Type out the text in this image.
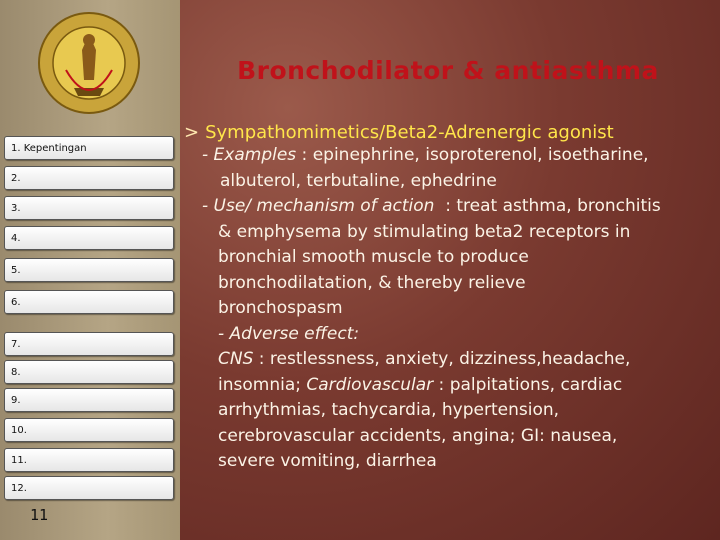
Bronchodilator & antiasthma
1. Kepentingan
2.
3.
4.
5.
6.
7.
8.
9.
10.
11.
12.
11
> Sympathomimetics/Beta2-Adrenergic agonist
- Examples : epinephrine, isoproterenol, isoetharine,
albuterol, terbutaline, ephedrine
- Use/ mechanism of action  : treat asthma, bronchitis
& emphysema by stimulating beta2 receptors in
bronchial smooth muscle to produce
bronchodilatation, & thereby relieve
bronchospasm
- Adverse effect:
CNS : restlessness, anxiety, dizziness,headache,
insomnia; Cardiovascular : palpitations, cardiac
arrhythmias, tachycardia, hypertension,
cerebrovascular accidents, angina; GI: nausea,
severe vomiting, diarrhea
